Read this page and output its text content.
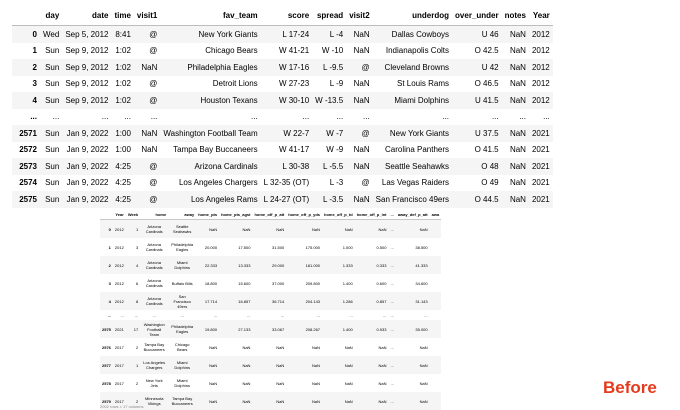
	day	date	time	visit1	fav_team	score	spread	visit2	underdog	over_under	notes	Year
0	Wed	Sep 5, 2012	8:41	@	New York Giants	L 17-24	L -4	NaN	Dallas Cowboys	U 46	NaN	2012
1	Sun	Sep 9, 2012	1:02	@	Chicago Bears	W 41-21	W -10	NaN	Indianapolis Colts	O 42.5	NaN	2012
2	Sun	Sep 9, 2012	1:02	NaN	Philadelphia Eagles	W 17-16	L -9.5	@	Cleveland Browns	U 42	NaN	2012
3	Sun	Sep 9, 2012	1:02	@	Detroit Lions	W 27-23	L -9	NaN	St Louis Rams	O 46.5	NaN	2012
4	Sun	Sep 9, 2012	1:02	@	Houston Texans	W 30-10	W -13.5	NaN	Miami Dolphins	U 41.5	NaN	2012
...	...	...	...	...	...	...	...	...	...	...	...	...
2571	Sun	Jan 9, 2022	1:00	NaN	Washington Football Team	W 22-7	W -7	@	New York Giants	U 37.5	NaN	2021
2572	Sun	Jan 9, 2022	1:00	NaN	Tampa Bay Buccaneers	W 41-17	W -9	NaN	Carolina Panthers	O 41.5	NaN	2021
2573	Sun	Jan 9, 2022	4:25	@	Arizona Cardinals	L 30-38	L -5.5	NaN	Seattle Seahawks	O 48	NaN	2021
2574	Sun	Jan 9, 2022	4:25	@	Los Angeles Chargers	L 32-35 (OT)	L -3	@	Las Vegas Raiders	O 49	NaN	2021
2575	Sun	Jan 9, 2022	4:25	@	Los Angeles Rams	L 24-27 (OT)	L -3.5	NaN	San Francisco 49ers	O 44.5	NaN	2021
	Year	Week	home	away	home_pts	home_pts_agst	home_off_p_att	home_off_p_yds	home_off_p_td	home_off_p_int	...	away_def_p_att	awa
0	2012	1	Arizona Cardinals	Seattle Seahawks	NaN	NaN	NaN	NaN	NaN	NaN	...	NaN	
1	2012	3	Arizona Cardinals	Philadelphia Eagles	20.000	17.500	31.500	175.000	1.000	0.500	...	38.500	
2	2012	4	Arizona Cardinals	Miami Dolphins	22.333	13.333	29.000	181.000	1.333	0.333	...	41.333	
3	2012	6	Arizona Cardinals	Buffalo Bills	18.800	15.600	37.000	209.800	1.400	0.600	...	34.600	
4	2012	8	Arizona Cardinals	San Francisco 49ers	17.714	16.857	36.714	204.143	1.286	0.857	...	31.143	
...	...	...	...	...	...	...	...	...	...	...	...	...	
2575	2021	17	Washington Football Team	Philadelphia Eagles	19.800	27.133	33.067	208.267	1.400	0.933	...	35.000	
2576	2017	2	Tampa Bay Buccaneers	Chicago Bears	NaN	NaN	NaN	NaN	NaN	NaN	...	NaN	
2577	2017	1	Los Angeles Chargers	Miami Dolphins	NaN	NaN	NaN	NaN	NaN	NaN	...	NaN	
2578	2017	2	New York Jets	Miami Dolphins	NaN	NaN	NaN	NaN	NaN	NaN	...	NaN	
2579	2017	2	Minnesota Vikings	Tampa Bay Buccaneers	NaN	NaN	NaN	NaN	NaN	NaN	...	NaN	
Before
2002 rows × 17 columns
